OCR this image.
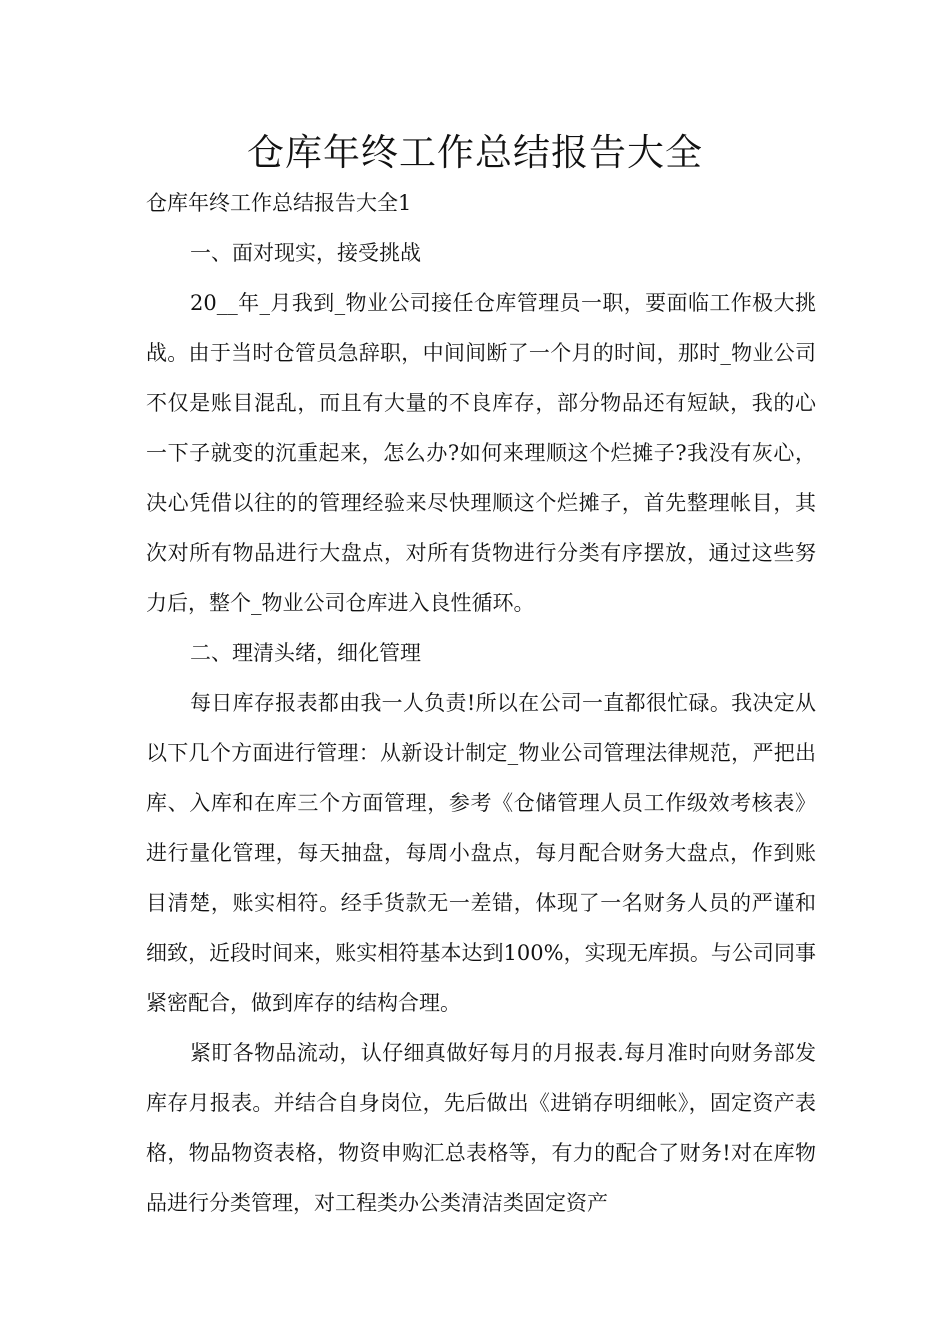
仓库年终工作总结报告大全

仓库年终工作总结报告大全1

一、面对现实，接受挑战

20__年_月我到_物业公司接任仓库管理员一职，要面临工作极大挑战。由于当时仓管员急辞职，中间间断了一个月的时间，那时_物业公司不仅是账目混乱，而且有大量的不良库存，部分物品还有短缺，我的心一下子就变的沉重起来，怎么办?如何来理顺这个烂摊子?我没有灰心，决心凭借以往的的管理经验来尽快理顺这个烂摊子，首先整理帐目，其次对所有物品进行大盘点，对所有货物进行分类有序摆放，通过这些努力后，整个_物业公司仓库进入良性循环。

二、理清头绪，细化管理

每日库存报表都由我一人负责!所以在公司一直都很忙碌。我决定从以下几个方面进行管理：从新设计制定_物业公司管理法律规范，严把出库、入库和在库三个方面管理，参考《仓储管理人员工作级效考核表》进行量化管理，每天抽盘，每周小盘点，每月配合财务大盘点，作到账目清楚，账实相符。经手货款无一差错，体现了一名财务人员的严谨和细致，近段时间来，账实相符基本达到100%，实现无库损。与公司同事紧密配合，做到库存的结构合理。

紧盯各物品流动，认仔细真做好每月的月报表.每月准时向财务部发库存月报表。并结合自身岗位，先后做出《进销存明细帐》，固定资产表格，物品物资表格，物资申购汇总表格等，有力的配合了财务!对在库物品进行分类管理，对工程类办公类清洁类固定资产
